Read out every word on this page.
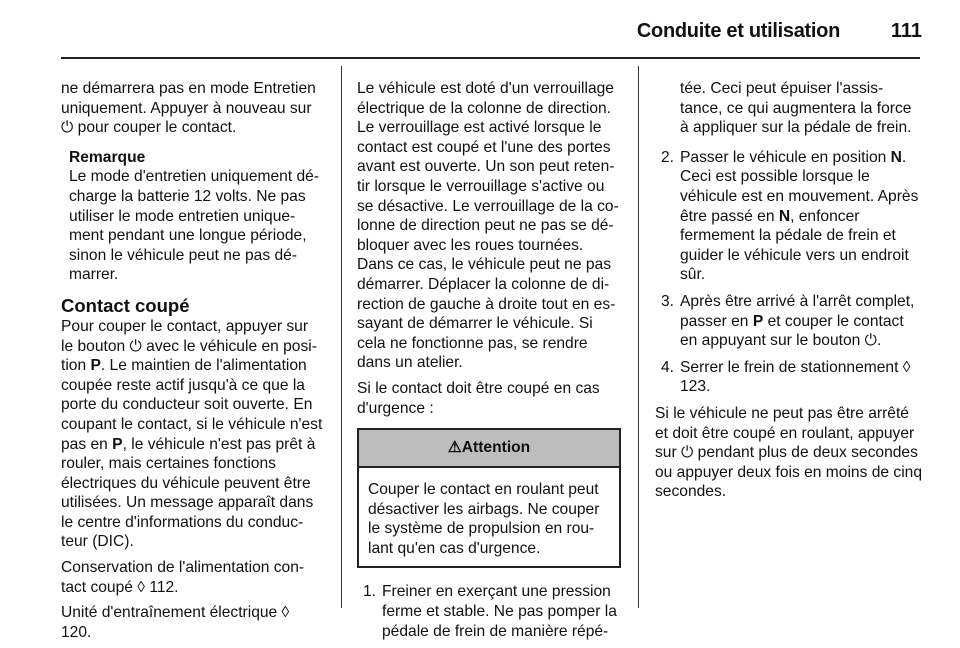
Conduite et utilisation	111

ne démarrera pas en mode Entretien uniquement. Appuyer à nouveau sur ⏻ pour couper le contact.

Remarque
Le mode d'entretien uniquement dé-charge la batterie 12 volts. Ne pas utiliser le mode entretien unique-ment pendant une longue période, sinon le véhicule peut ne pas dé-marrer.
Contact coupé

Pour couper le contact, appuyer sur le bouton ⏻ avec le véhicule en posi-tion P. Le maintien de l'alimentation coupée reste actif jusqu'à ce que la porte du conducteur soit ouverte. En coupant le contact, si le véhicule n'est pas en P, le véhicule n'est pas prêt à rouler, mais certaines fonctions électriques du véhicule peuvent être utilisées. Un message apparaît dans le centre d'informations du conduc-teur (DIC).

Conservation de l'alimentation con-tact coupé ◊ 112.

Unité d'entraînement électrique ◊ 120.

Le véhicule est doté d'un verrouillage électrique de la colonne de direction. Le verrouillage est activé lorsque le contact est coupé et l'une des portes avant est ouverte. Un son peut reten-tir lorsque le verrouillage s'active ou se désactive. Le verrouillage de la co-lonne de direction peut ne pas se dé-bloquer avec les roues tournées. Dans ce cas, le véhicule peut ne pas démarrer. Déplacer la colonne de di-rection de gauche à droite tout en es-sayant de démarrer le véhicule. Si cela ne fonctionne pas, se rendre dans un atelier.

Si le contact doit être coupé en cas d'urgence :

⚠Attention
Couper le contact en roulant peut désactiver les airbags. Ne couper le système de propulsion en rou-lant qu'en cas d'urgence.
1. Freiner en exerçant une pression ferme et stable. Ne pas pomper la pédale de frein de manière répé-
tée. Ceci peut épuiser l'assis-tance, ce qui augmentera la force à appliquer sur la pédale de frein.
2. Passer le véhicule en position N. Ceci est possible lorsque le véhicule est en mouvement. Après être passé en N, enfoncer fermement la pédale de frein et guider le véhicule vers un endroit sûr.
3. Après être arrivé à l'arrêt complet, passer en P et couper le contact en appuyant sur le bouton ⏻.
4. Serrer le frein de stationnement ◊ 123.

Si le véhicule ne peut pas être arrêté et doit être coupé en roulant, appuyer sur ⏻ pendant plus de deux secondes ou appuyer deux fois en moins de cinq secondes.
